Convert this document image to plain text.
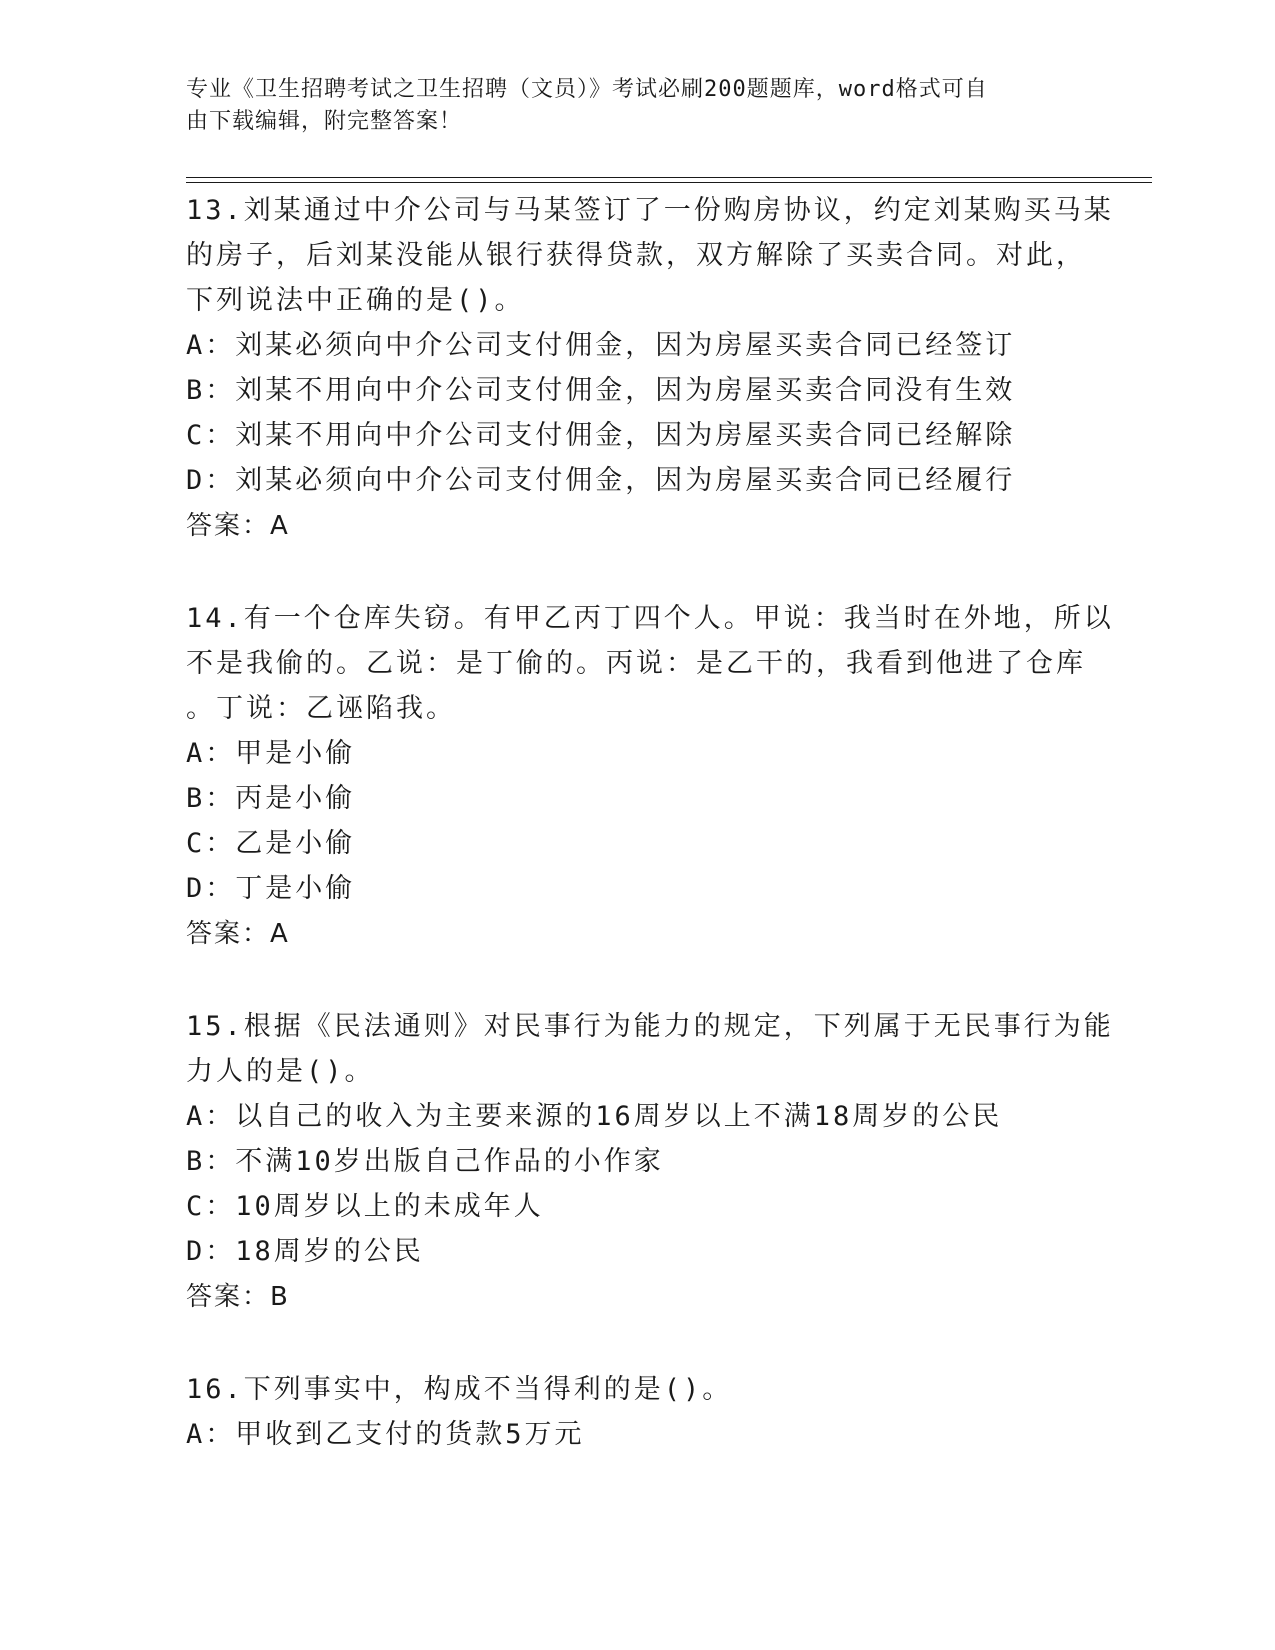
专业《卫生招聘考试之卫生招聘（文员）》考试必刷200题题库，word格式可自
由下载编辑，附完整答案！
13.刘某通过中介公司与马某签订了一份购房协议，约定刘某购买马某
的房子，后刘某没能从银行获得贷款，双方解除了买卖合同。对此，
下列说法中正确的是()。
A：刘某必须向中介公司支付佣金，因为房屋买卖合同已经签订
B：刘某不用向中介公司支付佣金，因为房屋买卖合同没有生效
C：刘某不用向中介公司支付佣金，因为房屋买卖合同已经解除
D：刘某必须向中介公司支付佣金，因为房屋买卖合同已经履行
答案：A
14.有一个仓库失窃。有甲乙丙丁四个人。甲说：我当时在外地，所以
不是我偷的。乙说：是丁偷的。丙说：是乙干的，我看到他进了仓库
。丁说：乙诬陷我。
A：甲是小偷
B：丙是小偷
C：乙是小偷
D：丁是小偷
答案：A
15.根据《民法通则》对民事行为能力的规定，下列属于无民事行为能
力人的是()。
A：以自己的收入为主要来源的16周岁以上不满18周岁的公民
B：不满10岁出版自己作品的小作家
C：10周岁以上的未成年人
D：18周岁的公民
答案：B
16.下列事实中，构成不当得利的是()。
A：甲收到乙支付的货款5万元
